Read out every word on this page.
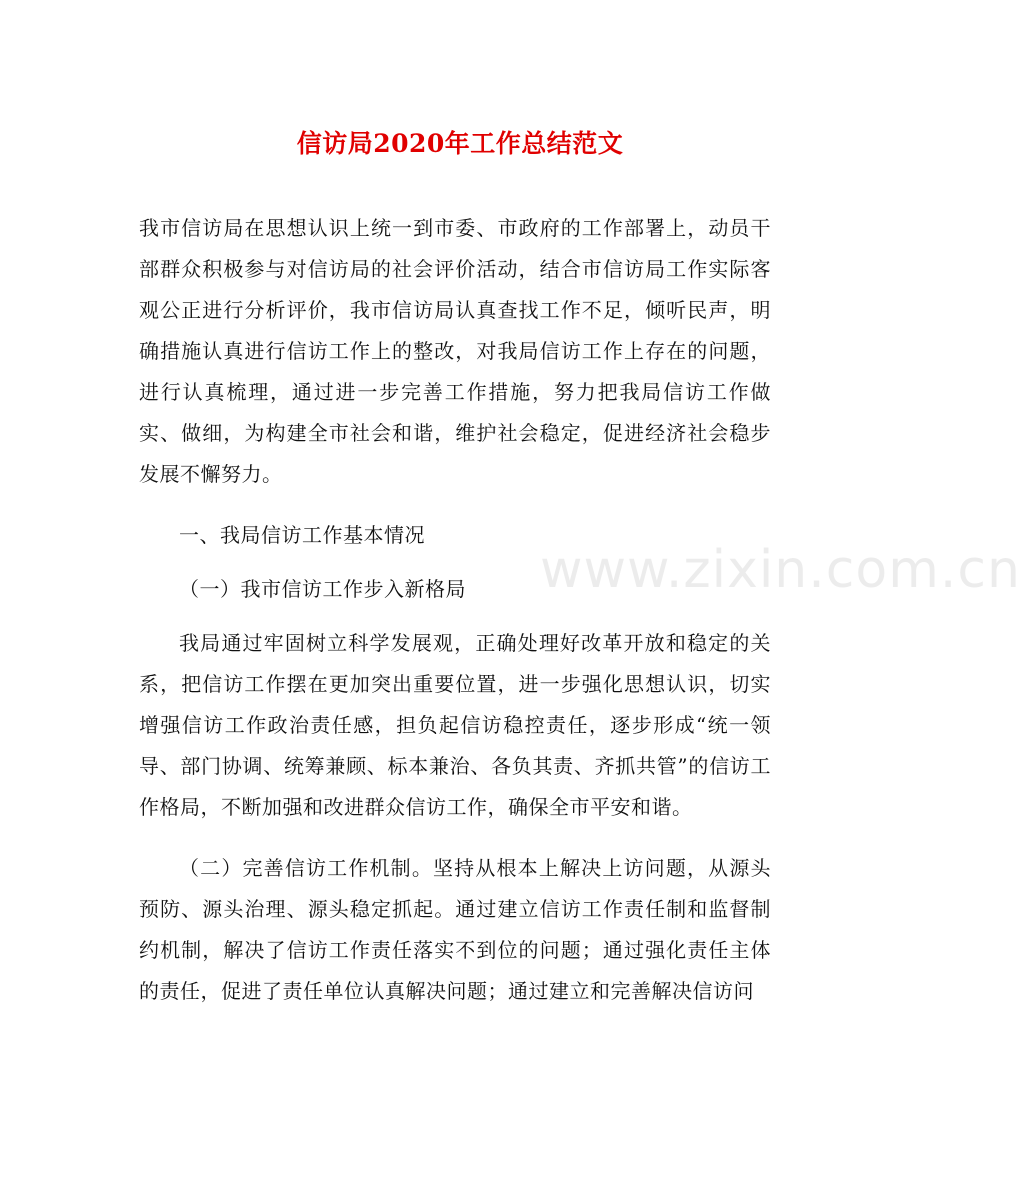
信访局2020年工作总结范文

我市信访局在思想认识上统一到市委、市政府的工作部署上，动员干部群众积极参与对信访局的社会评价活动，结合市信访局工作实际客观公正进行分析评价，我市信访局认真查找工作不足，倾听民声，明确措施认真进行信访工作上的整改，对我局信访工作上存在的问题，进行认真梳理，通过进一步完善工作措施，努力把我局信访工作做实、做细，为构建全市社会和谐，维护社会稳定，促进经济社会稳步发展不懈努力。

一、我局信访工作基本情况

（一）我市信访工作步入新格局

我局通过牢固树立科学发展观，正确处理好改革开放和稳定的关系，把信访工作摆在更加突出重要位置，进一步强化思想认识，切实增强信访工作政治责任感，担负起信访稳控责任，逐步形成“统一领导、部门协调、统筹兼顾、标本兼治、各负其责、齐抓共管”的信访工作格局，不断加强和改进群众信访工作，确保全市平安和谐。

（二）完善信访工作机制。坚持从根本上解决上访问题，从源头预防、源头治理、源头稳定抓起。通过建立信访工作责任制和监督制约机制，解决了信访工作责任落实不到位的问题；通过强化责任主体的责任，促进了责任单位认真解决问题；通过建立和完善解决信访问

www.zixin.com.cn
